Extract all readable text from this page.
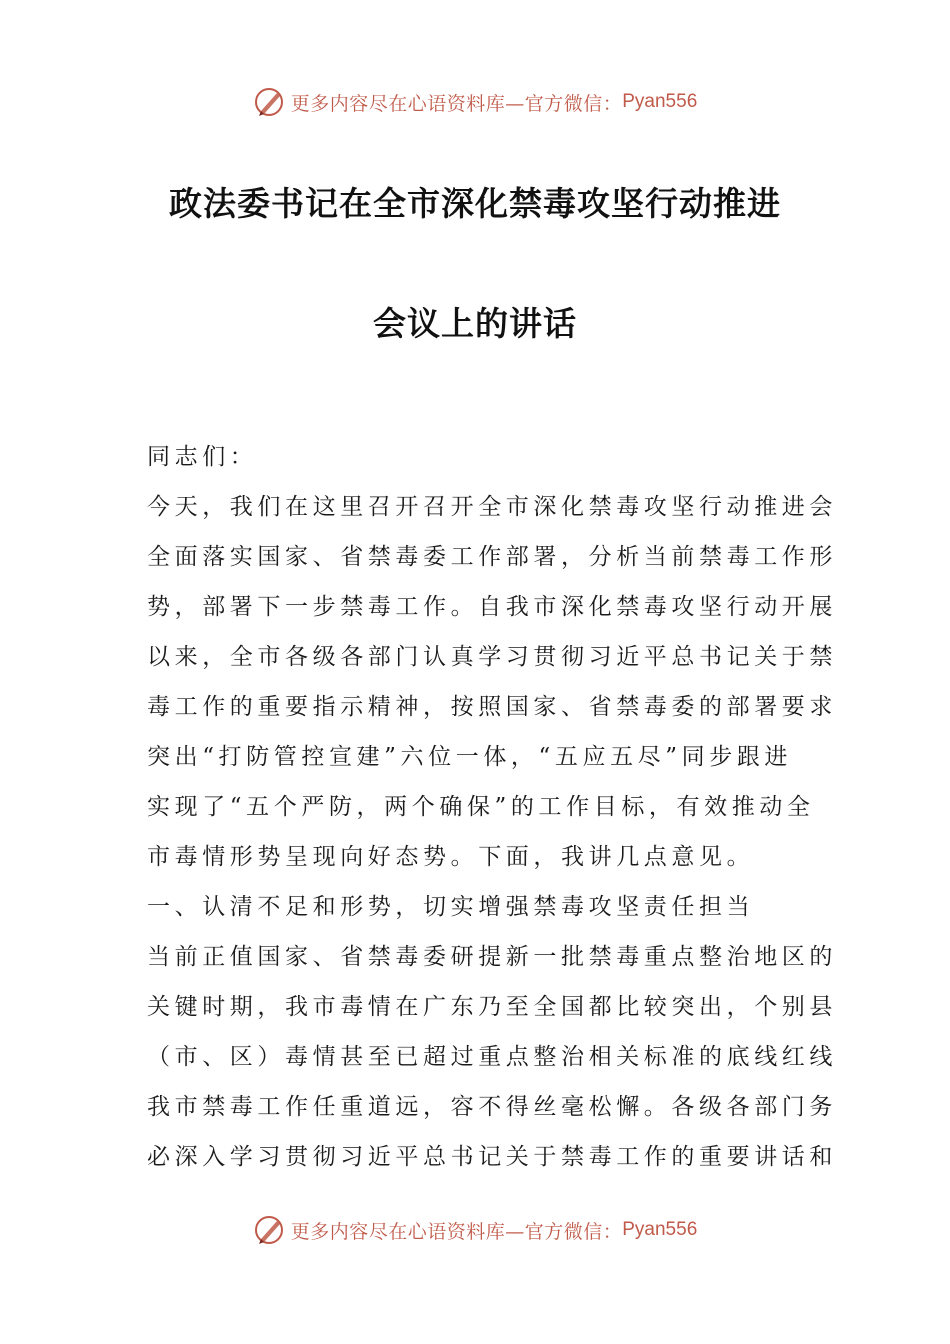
更多内容尽在心语资料库—官方微信： Pyan556
政法委书记在全市深化禁毒攻坚行动推进
会议上的讲话

同志们：

今天，我们在这里召开召开全市深化禁毒攻坚行动推进会

全面落实国家、省禁毒委工作部署，分析当前禁毒工作形

势，部署下一步禁毒工作。自我市深化禁毒攻坚行动开展

以来，全市各级各部门认真学习贯彻习近平总书记关于禁

毒工作的重要指示精神，按照国家、省禁毒委的部署要求

突出“打防管控宣建”六位一体，“五应五尽”同步跟进

实现了“五个严防，两个确保”的工作目标，有效推动全

市毒情形势呈现向好态势。下面，我讲几点意见。

一、认清不足和形势，切实增强禁毒攻坚责任担当

当前正值国家、省禁毒委研提新一批禁毒重点整治地区的

关键时期，我市毒情在广东乃至全国都比较突出，个别县

（市、区）毒情甚至已超过重点整治相关标准的底线红线

我市禁毒工作任重道远，容不得丝毫松懈。各级各部门务

必深入学习贯彻习近平总书记关于禁毒工作的重要讲话和

更多内容尽在心语资料库—官方微信： Pyan556
